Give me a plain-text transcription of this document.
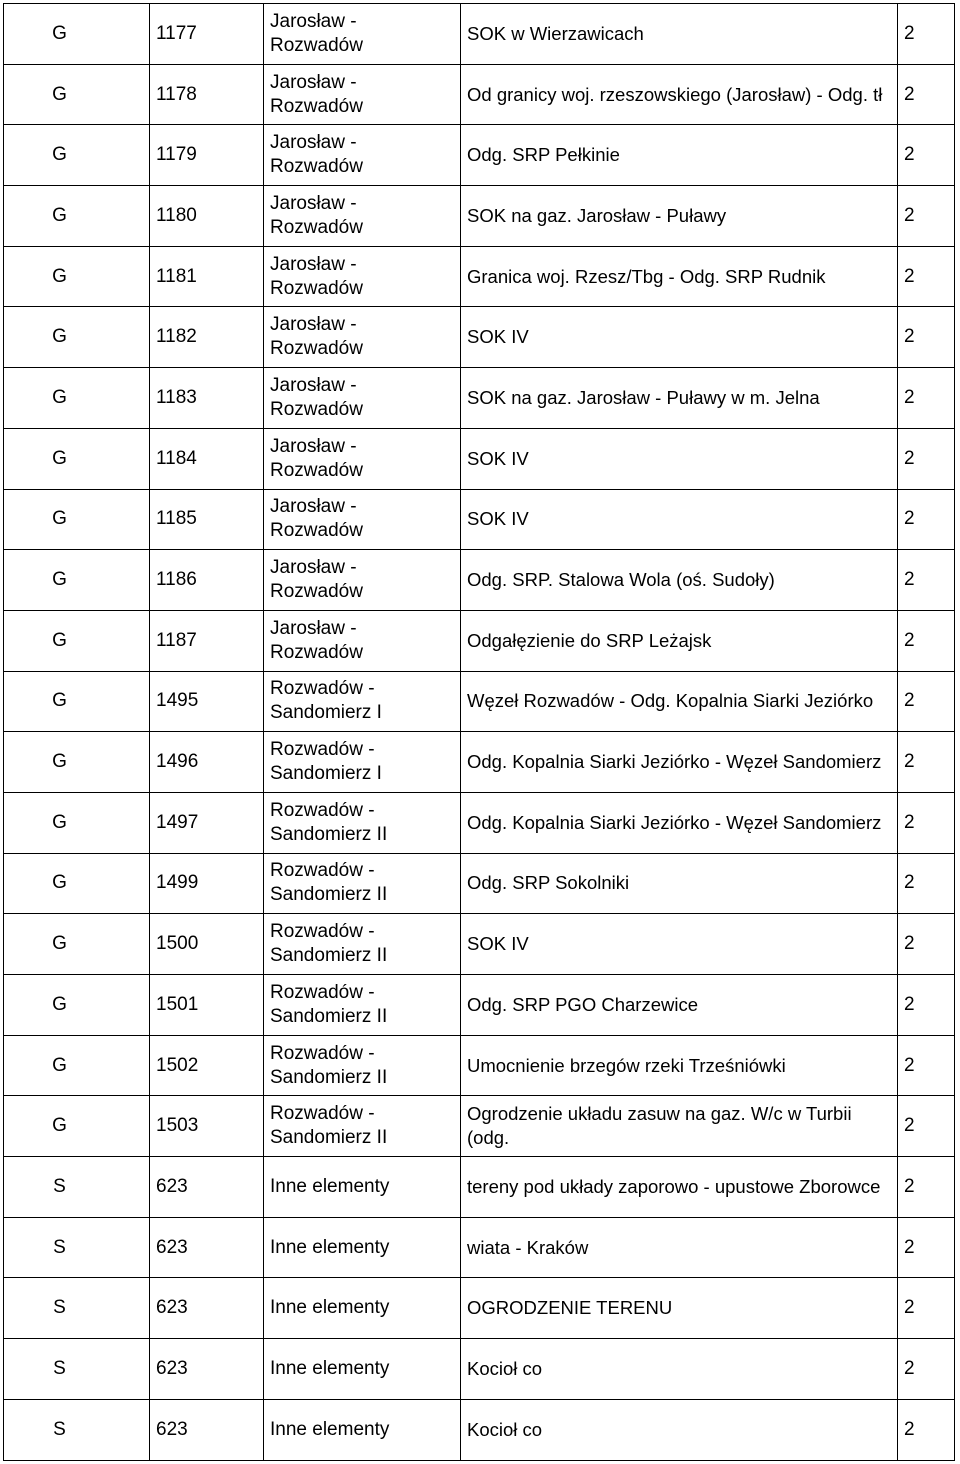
G	1177	Jarosław - Rozwadów	SOK w Wierzawicach	2

G	1178	Jarosław - Rozwadów	Od granicy woj. rzeszowskiego (Jarosław) - Odg. tł	2

G	1179	Jarosław - Rozwadów	Odg. SRP Pełkinie	2

G	1180	Jarosław - Rozwadów	SOK na gaz. Jarosław - Puławy	2

G	1181	Jarosław - Rozwadów	Granica woj. Rzesz/Tbg - Odg. SRP Rudnik	2

G	1182	Jarosław - Rozwadów	SOK IV	2

G	1183	Jarosław - Rozwadów	SOK na gaz. Jarosław - Puławy w m. Jelna	2

G	1184	Jarosław - Rozwadów	SOK IV	2

G	1185	Jarosław - Rozwadów	SOK IV	2

G	1186	Jarosław - Rozwadów	Odg. SRP. Stalowa Wola (oś. Sudoły)	2

G	1187	Jarosław - Rozwadów	Odgałęzienie do SRP Leżajsk	2

G	1495	Rozwadów - Sandomierz I	Węzeł Rozwadów - Odg. Kopalnia Siarki Jeziórko	2

G	1496	Rozwadów - Sandomierz I	Odg. Kopalnia Siarki Jeziórko - Węzeł Sandomierz	2

G	1497	Rozwadów - Sandomierz II	Odg. Kopalnia Siarki Jeziórko - Węzeł Sandomierz	2

G	1499	Rozwadów - Sandomierz II	Odg. SRP Sokolniki	2

G	1500	Rozwadów - Sandomierz II	SOK IV	2

G	1501	Rozwadów - Sandomierz II	Odg. SRP PGO Charzewice	2

G	1502	Rozwadów - Sandomierz II	Umocnienie brzegów rzeki Trześniówki	2

G	1503	Rozwadów - Sandomierz II	Ogrodzenie układu zasuw na gaz. W/c w Turbii (odg.	2

S	623	Inne elementy	tereny pod układy zaporowo - upustowe Zborowce	2

S	623	Inne elementy	wiata - Kraków	2

S	623	Inne elementy	OGRODZENIE TERENU	2

S	623	Inne elementy	Kocioł co	2

S	623	Inne elementy	Kocioł co	2
